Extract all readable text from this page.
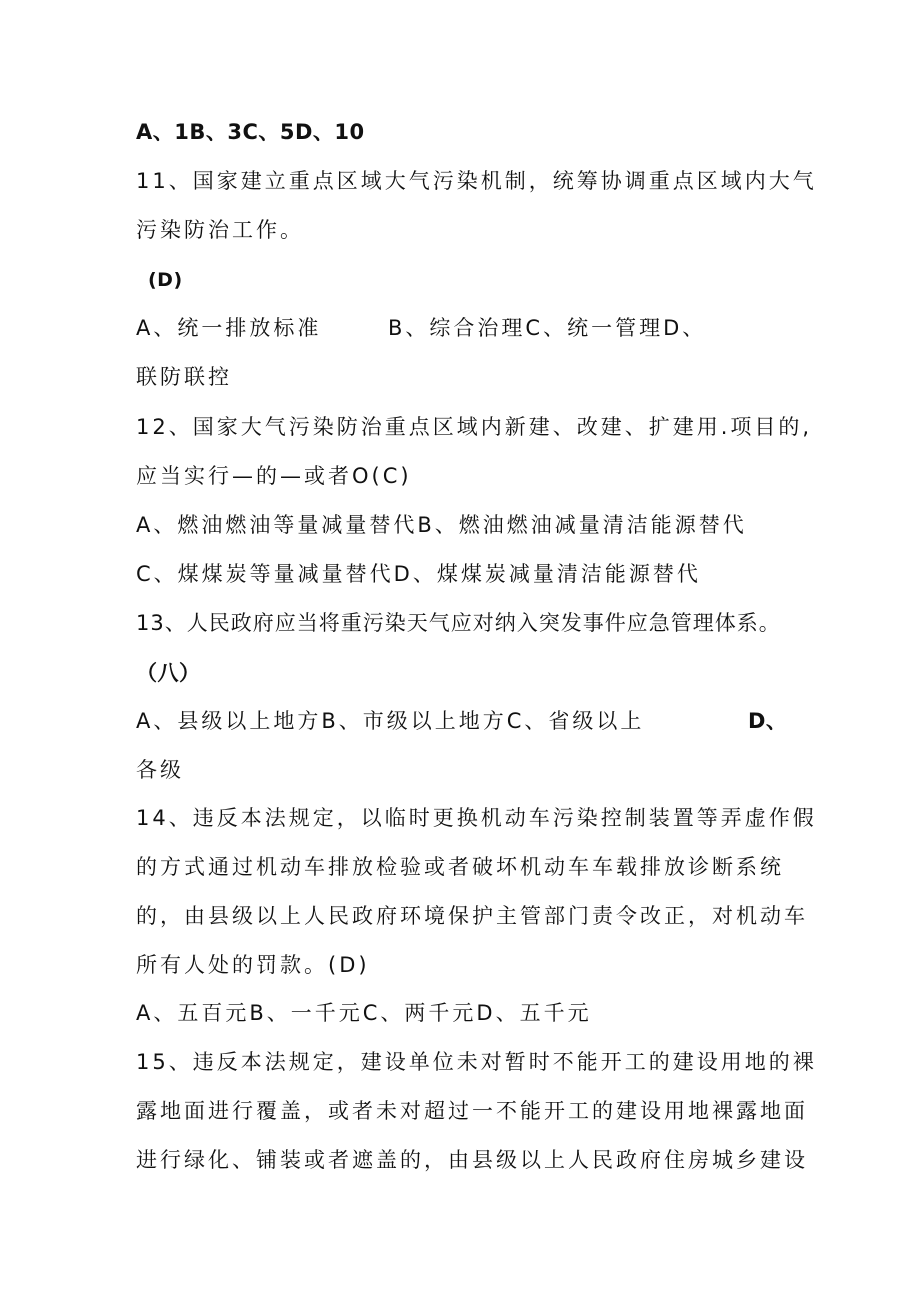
A、1B、3C、5D、10
11、国家建立重点区域大气污染机制，统筹协调重点区域内大气
污染防治工作。
(D)
A、统一排放标准	B、综合治理C、统一管理D、
联防联控
12、国家大气污染防治重点区域内新建、改建、扩建用.项目的,
应当实行—的—或者O(C)
A、燃油燃油等量减量替代B、燃油燃油减量清洁能源替代
C、煤煤炭等量减量替代D、煤煤炭减量清洁能源替代
13、人民政府应当将重污染天气应对纳入突发事件应急管理体系。
（八）
A、县级以上地方B、市级以上地方C、省级以上	D、
各级
14、违反本法规定，以临时更换机动车污染控制装置等弄虚作假
的方式通过机动车排放检验或者破坏机动车车载排放诊断系统
的，由县级以上人民政府环境保护主管部门责令改正，对机动车
所有人处的罚款。(D)
A、五百元B、一千元C、两千元D、五千元
15、违反本法规定，建设单位未对暂时不能开工的建设用地的裸
露地面进行覆盖，或者未对超过一不能开工的建设用地裸露地面
进行绿化、铺装或者遮盖的，由县级以上人民政府住房城乡建设
